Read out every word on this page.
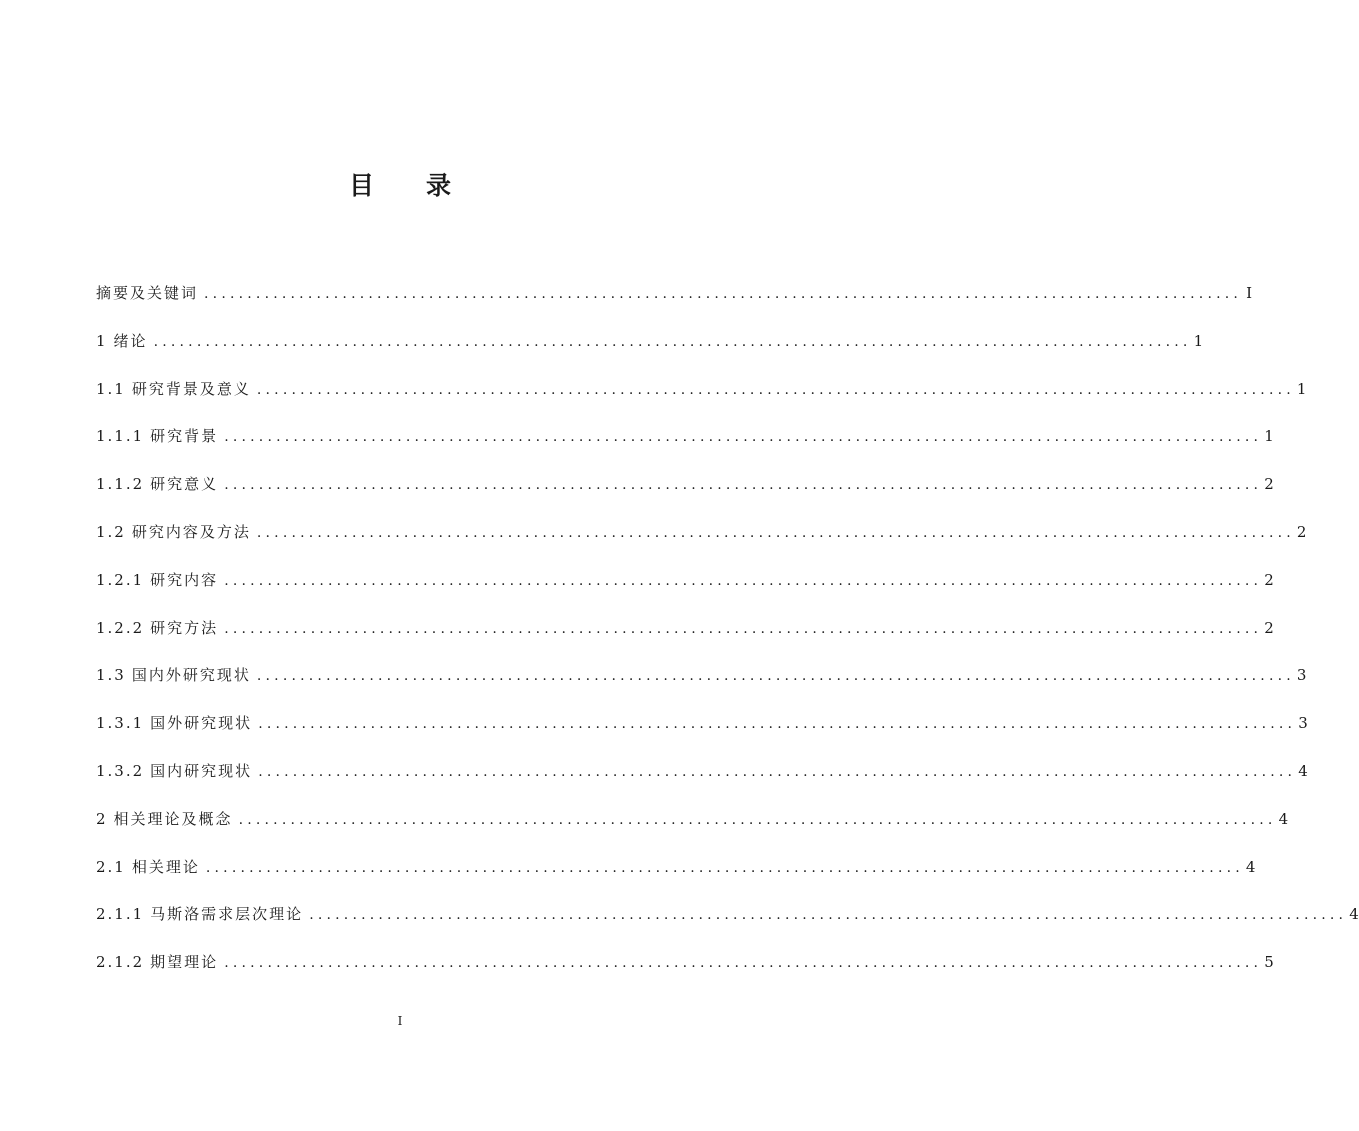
目 录
摘要及关键词 ........................................................................................................................ I
1 绪论 ........................................................................................................................ 1
1.1 研究背景及意义 ........................................................................................................................ 1
1.1.1 研究背景 ........................................................................................................................ 1
1.1.2 研究意义 ........................................................................................................................ 2
1.2 研究内容及方法 ........................................................................................................................ 2
1.2.1 研究内容 ........................................................................................................................ 2
1.2.2 研究方法 ........................................................................................................................ 2
1.3 国内外研究现状 ........................................................................................................................ 3
1.3.1 国外研究现状 ........................................................................................................................ 3
1.3.2 国内研究现状 ........................................................................................................................ 4
2 相关理论及概念 ........................................................................................................................ 4
2.1 相关理论 ........................................................................................................................ 4
2.1.1 马斯洛需求层次理论 ........................................................................................................................ 4
2.1.2 期望理论 ........................................................................................................................ 5
I
